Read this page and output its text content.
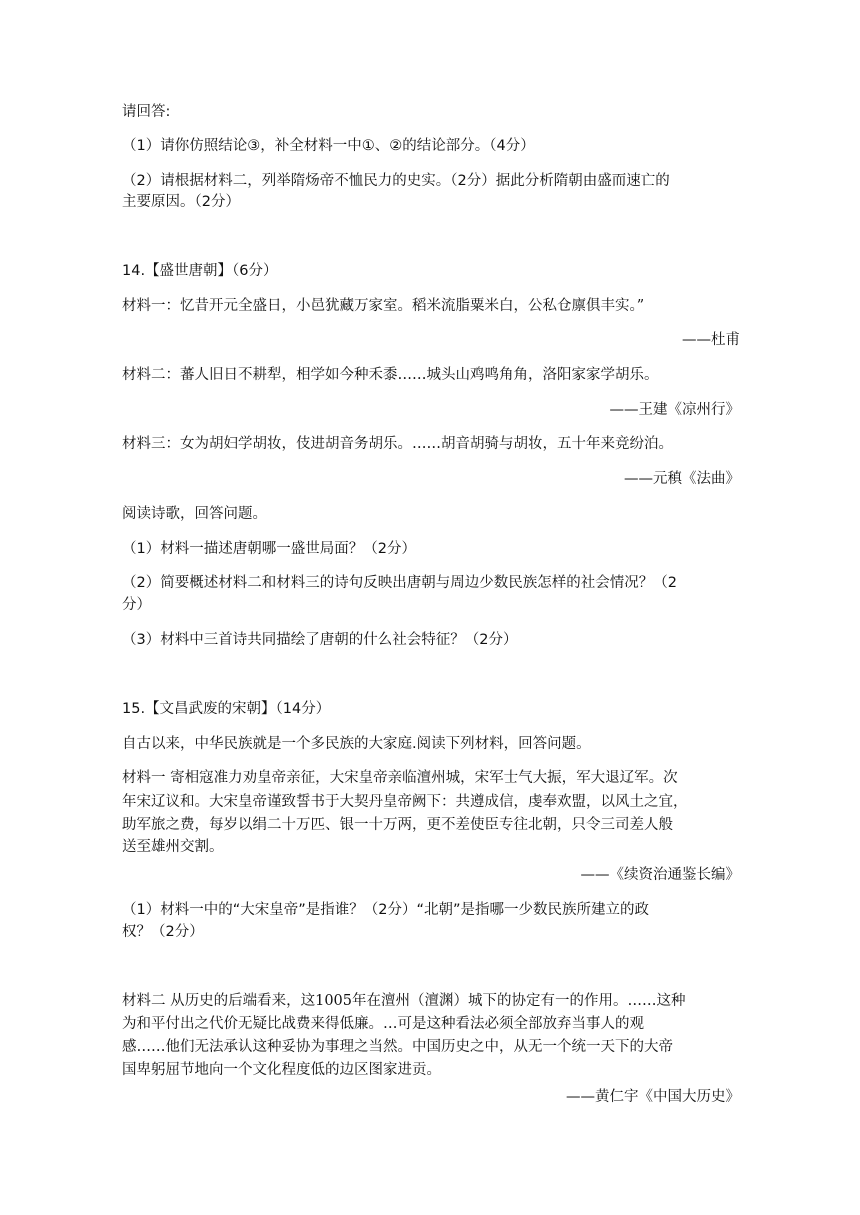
请回答:
（1）请你仿照结论③，补全材料一中①、②的结论部分。（4分）
（2）请根据材料二，列举隋炀帝不恤民力的史实。（2分）据此分析隋朝由盛而速亡的
主要原因。（2分）
14.【盛世唐朝】（6分）
材料一：忆昔开元全盛日，小邑犹藏万家室。稻米流脂粟米白，公私仓廪俱丰实。”
——杜甫
材料二：蕃人旧日不耕犁，相学如今种禾黍……城头山鸡鸣角角，洛阳家家学胡乐。
——王建《凉州行》
材料三：女为胡妇学胡妆，伎进胡音务胡乐。……胡音胡骑与胡妆，五十年来竞纷泊。
——元稹《法曲》
阅读诗歌，回答问题。
（1）材料一描述唐朝哪一盛世局面？（2分）
（2）简要概述材料二和材料三的诗句反映出唐朝与周边少数民族怎样的社会情况？（2
分）
（3）材料中三首诗共同描绘了唐朝的什么社会特征？（2分）
15.【文昌武废的宋朝】（14分）
自古以来，中华民族就是一个多民族的大家庭.阅读下列材料，回答问题。
材料一 寄相寇准力劝皇帝亲征，大宋皇帝亲临澶州城，宋军士气大振，军大退辽军。次
年宋辽议和。大宋皇帝谨致誓书于大契丹皇帝阙下：共遵成信，虔奉欢盟，以风土之宜，
助军旅之费，每岁以绢二十万匹、银一十万两，更不差使臣专往北朝，只令三司差人般
送至雄州交割。
——《续资治通鉴长编》
（1）材料一中的“大宋皇帝”是指谁？（2分）“北朝”是指哪一少数民族所建立的政
权？（2分）
材料二 从历史的后端看来，这1005年在澶州（澶渊）城下的协定有一的作用。……这种
为和平付出之代价无疑比战费来得低廉。…可是这种看法必须全部放弃当事人的观
感……他们无法承认这种妥协为事理之当然。中国历史之中，从无一个统一天下的大帝
国卑躬屈节地向一个文化程度低的边区图家进贡。
——黄仁宇《中国大历史》
